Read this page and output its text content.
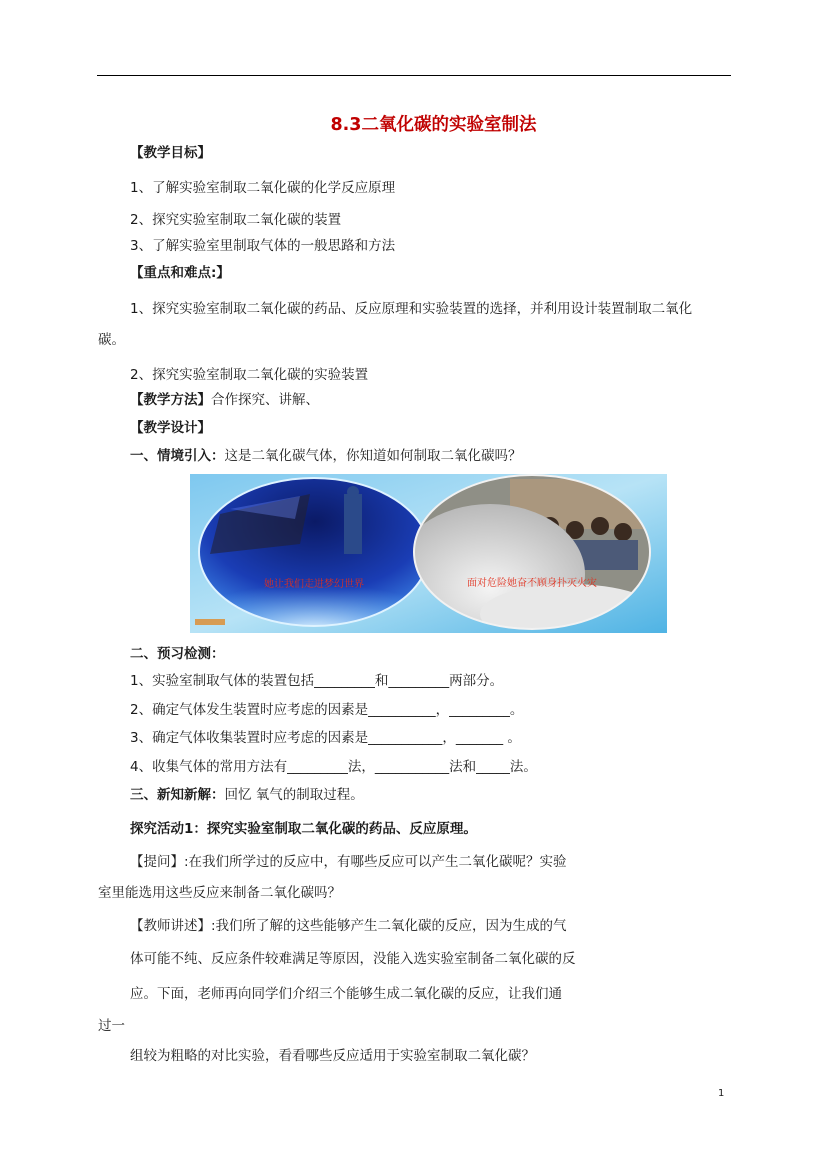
8.3二氧化碳的实验室制法
【教学目标】
1、了解实验室制取二氧化碳的化学反应原理
2、探究实验室制取二氧化碳的装置
3、了解实验室里制取气体的一般思路和方法
【重点和难点:】
1、探究实验室制取二氧化碳的药品、反应原理和实验装置的选择，并利用设计装置制取二氧化
碳。
2、探究实验室制取二氧化碳的实验装置
【教学方法】合作探究、讲解、
【教学设计】
一、情境引入：这是二氧化碳气体，你知道如何制取二氧化碳吗？
她让我们走进梦幻世界	面对危险她奋不顾身扑灭火灾
二、预习检测：
1、实验室制取气体的装置包括_________和_________两部分。
2、确定气体发生装置时应考虑的因素是__________，_________。
3、确定气体收集装置时应考虑的因素是___________，_______ 。
4、收集气体的常用方法有_________法，___________法和_____法。
三、新知新解：回忆 氧气的制取过程。
探究活动1：探究实验室制取二氧化碳的药品、反应原理。
【提问】:在我们所学过的反应中，有哪些反应可以产生二氧化碳呢？实验
室里能选用这些反应来制备二氧化碳吗？
【教师讲述】:我们所了解的这些能够产生二氧化碳的反应，因为生成的气
体可能不纯、反应条件较难满足等原因，没能入选实验室制备二氧化碳的反
应。下面，老师再向同学们介绍三个能够生成二氧化碳的反应，让我们通
过一
组较为粗略的对比实验，看看哪些反应适用于实验室制取二氧化碳？
1
